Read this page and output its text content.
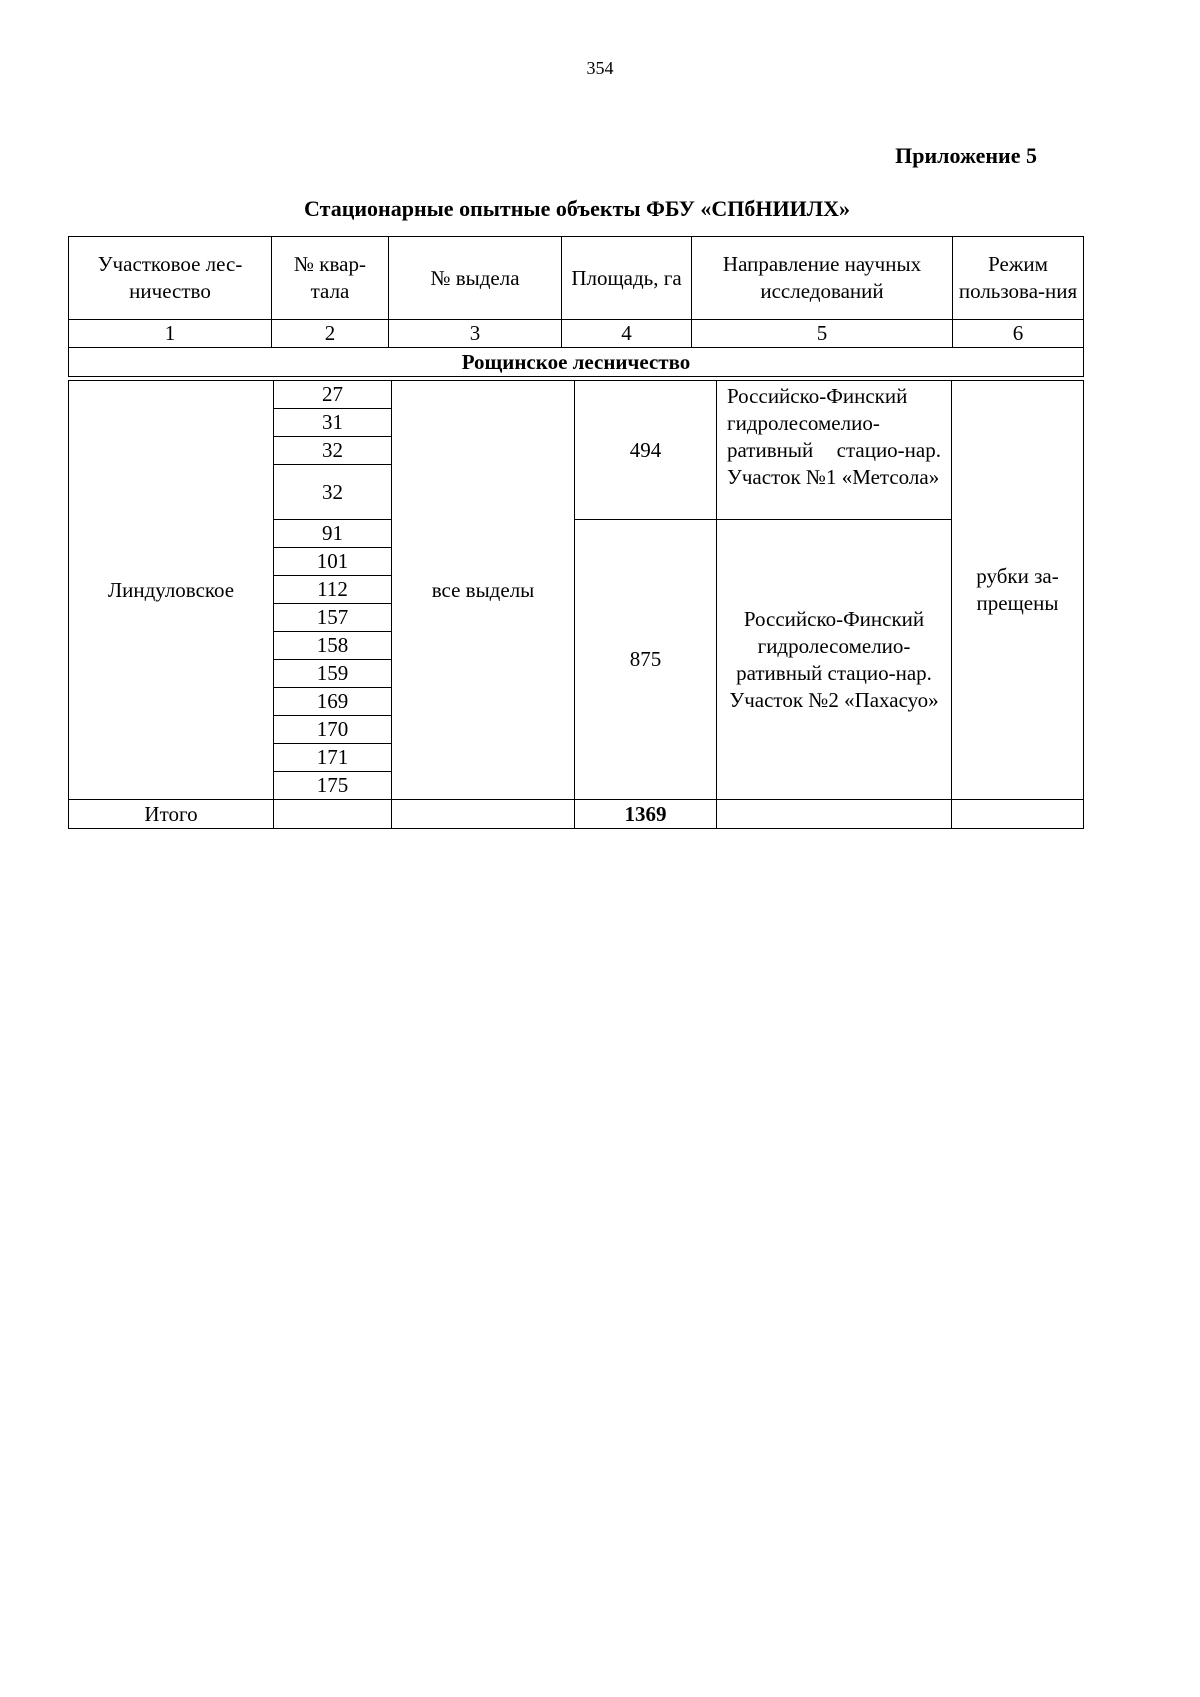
354
Приложение 5
Стационарные опытные объекты ФБУ «СПбНИИЛХ»
Участковое лес-ничество	№ квар-тала	№ выдела	Площадь, га	Направление научных исследований	Режим пользова-ния
1	2	3	4	5	6
Рощинское лесничество					
Линдуловское	27	все выделы	494	Российско-Финский гидролесомелио-ративный стацио-нар. Участок №1 «Метсола»	рубки за-прещены
	31				
	32				
	32				
	91		875	Российско-Финский гидролесомелио-ративный стацио-нар. Участок №2 «Пахасуо»	
	101				
	112				
	157				
	158				
	159				
	169				
	170				
	171				
	175				
Итого			1369		
